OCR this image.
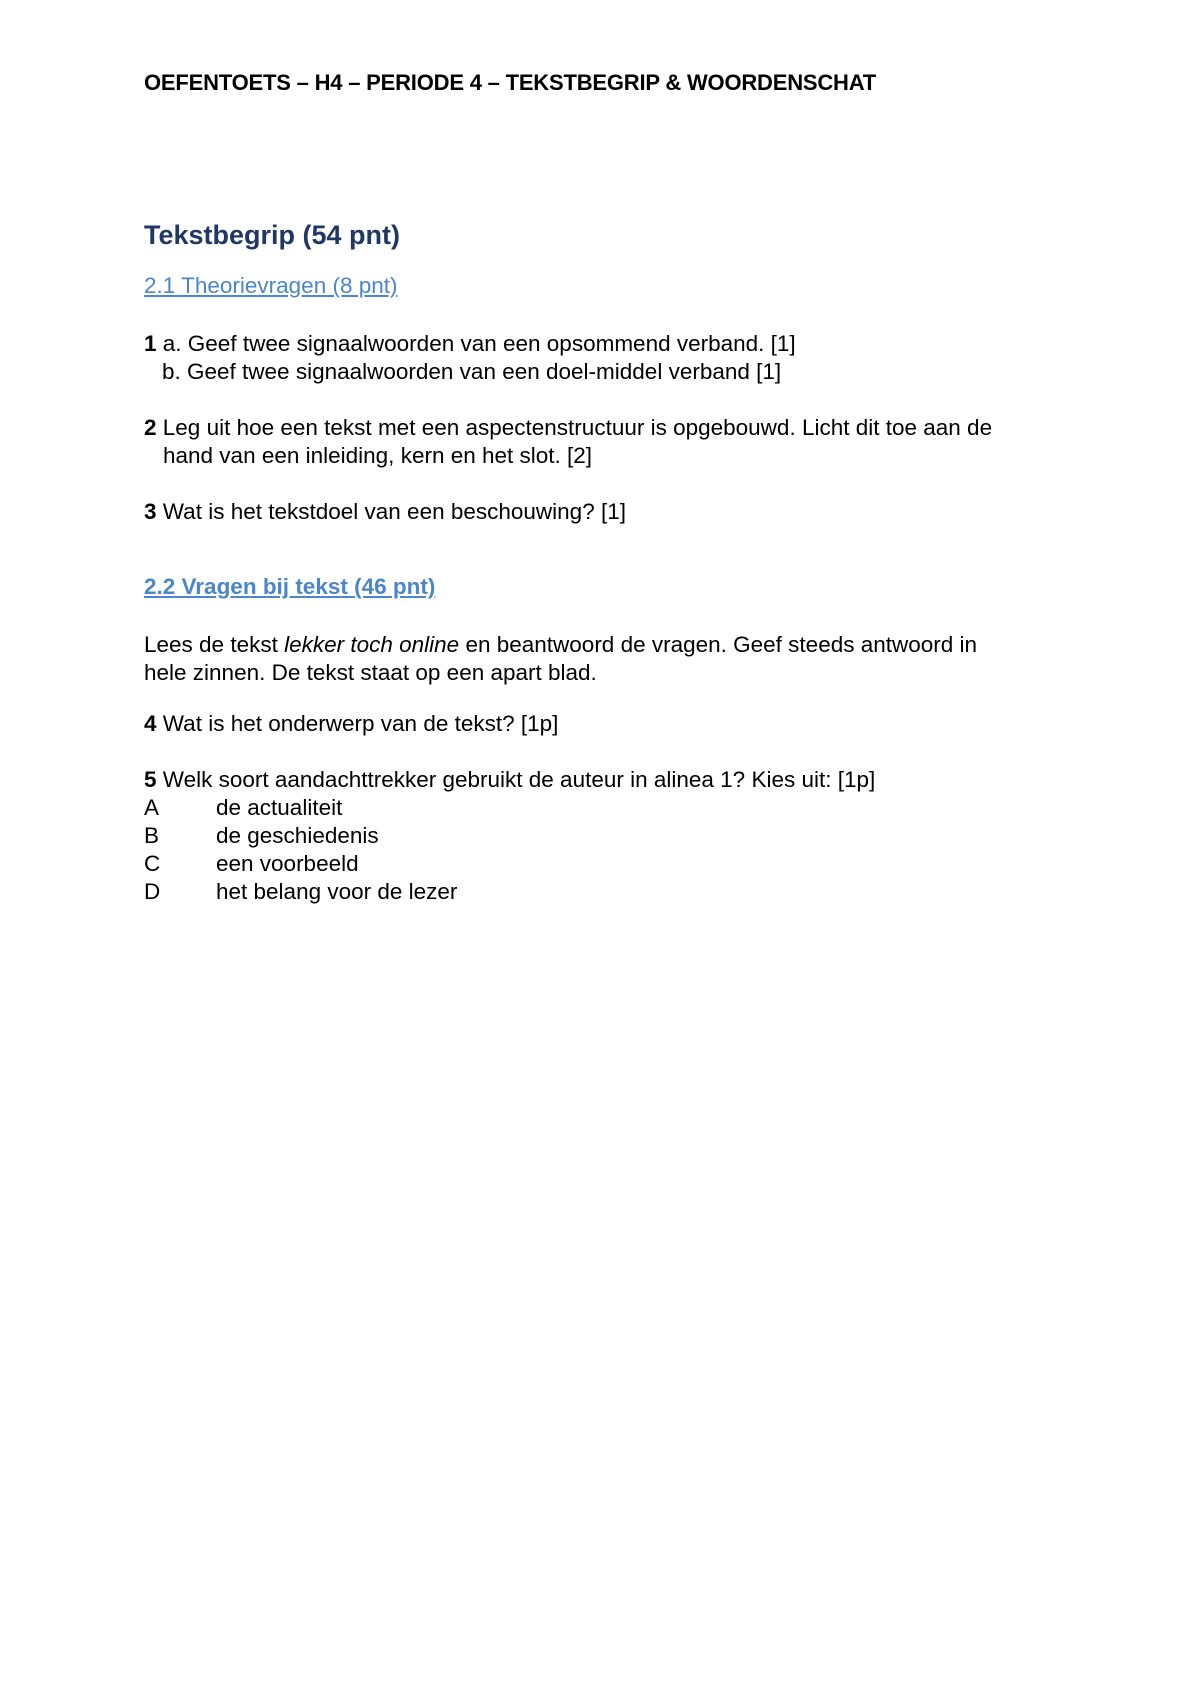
OEFENTOETS – H4 – PERIODE 4 – TEKSTBEGRIP & WOORDENSCHAT
Tekstbegrip (54 pnt)
2.1 Theorievragen (8 pnt)
1 a. Geef twee signaalwoorden van een opsommend verband. [1]
b. Geef twee signaalwoorden van een doel-middel verband [1]
2 Leg uit hoe een tekst met een aspectenstructuur is opgebouwd. Licht dit toe aan de
hand van een inleiding, kern en het slot. [2]
3 Wat is het tekstdoel van een beschouwing? [1]
2.2 Vragen bij tekst (46 pnt)
Lees de tekst lekker toch online en beantwoord de vragen. Geef steeds antwoord in
hele zinnen. De tekst staat op een apart blad.
4 Wat is het onderwerp van de tekst? [1p]
5 Welk soort aandachttrekker gebruikt de auteur in alinea 1? Kies uit: [1p]
A	de actualiteit
B	de geschiedenis
C een voorbeeld
D het belang voor de lezer
